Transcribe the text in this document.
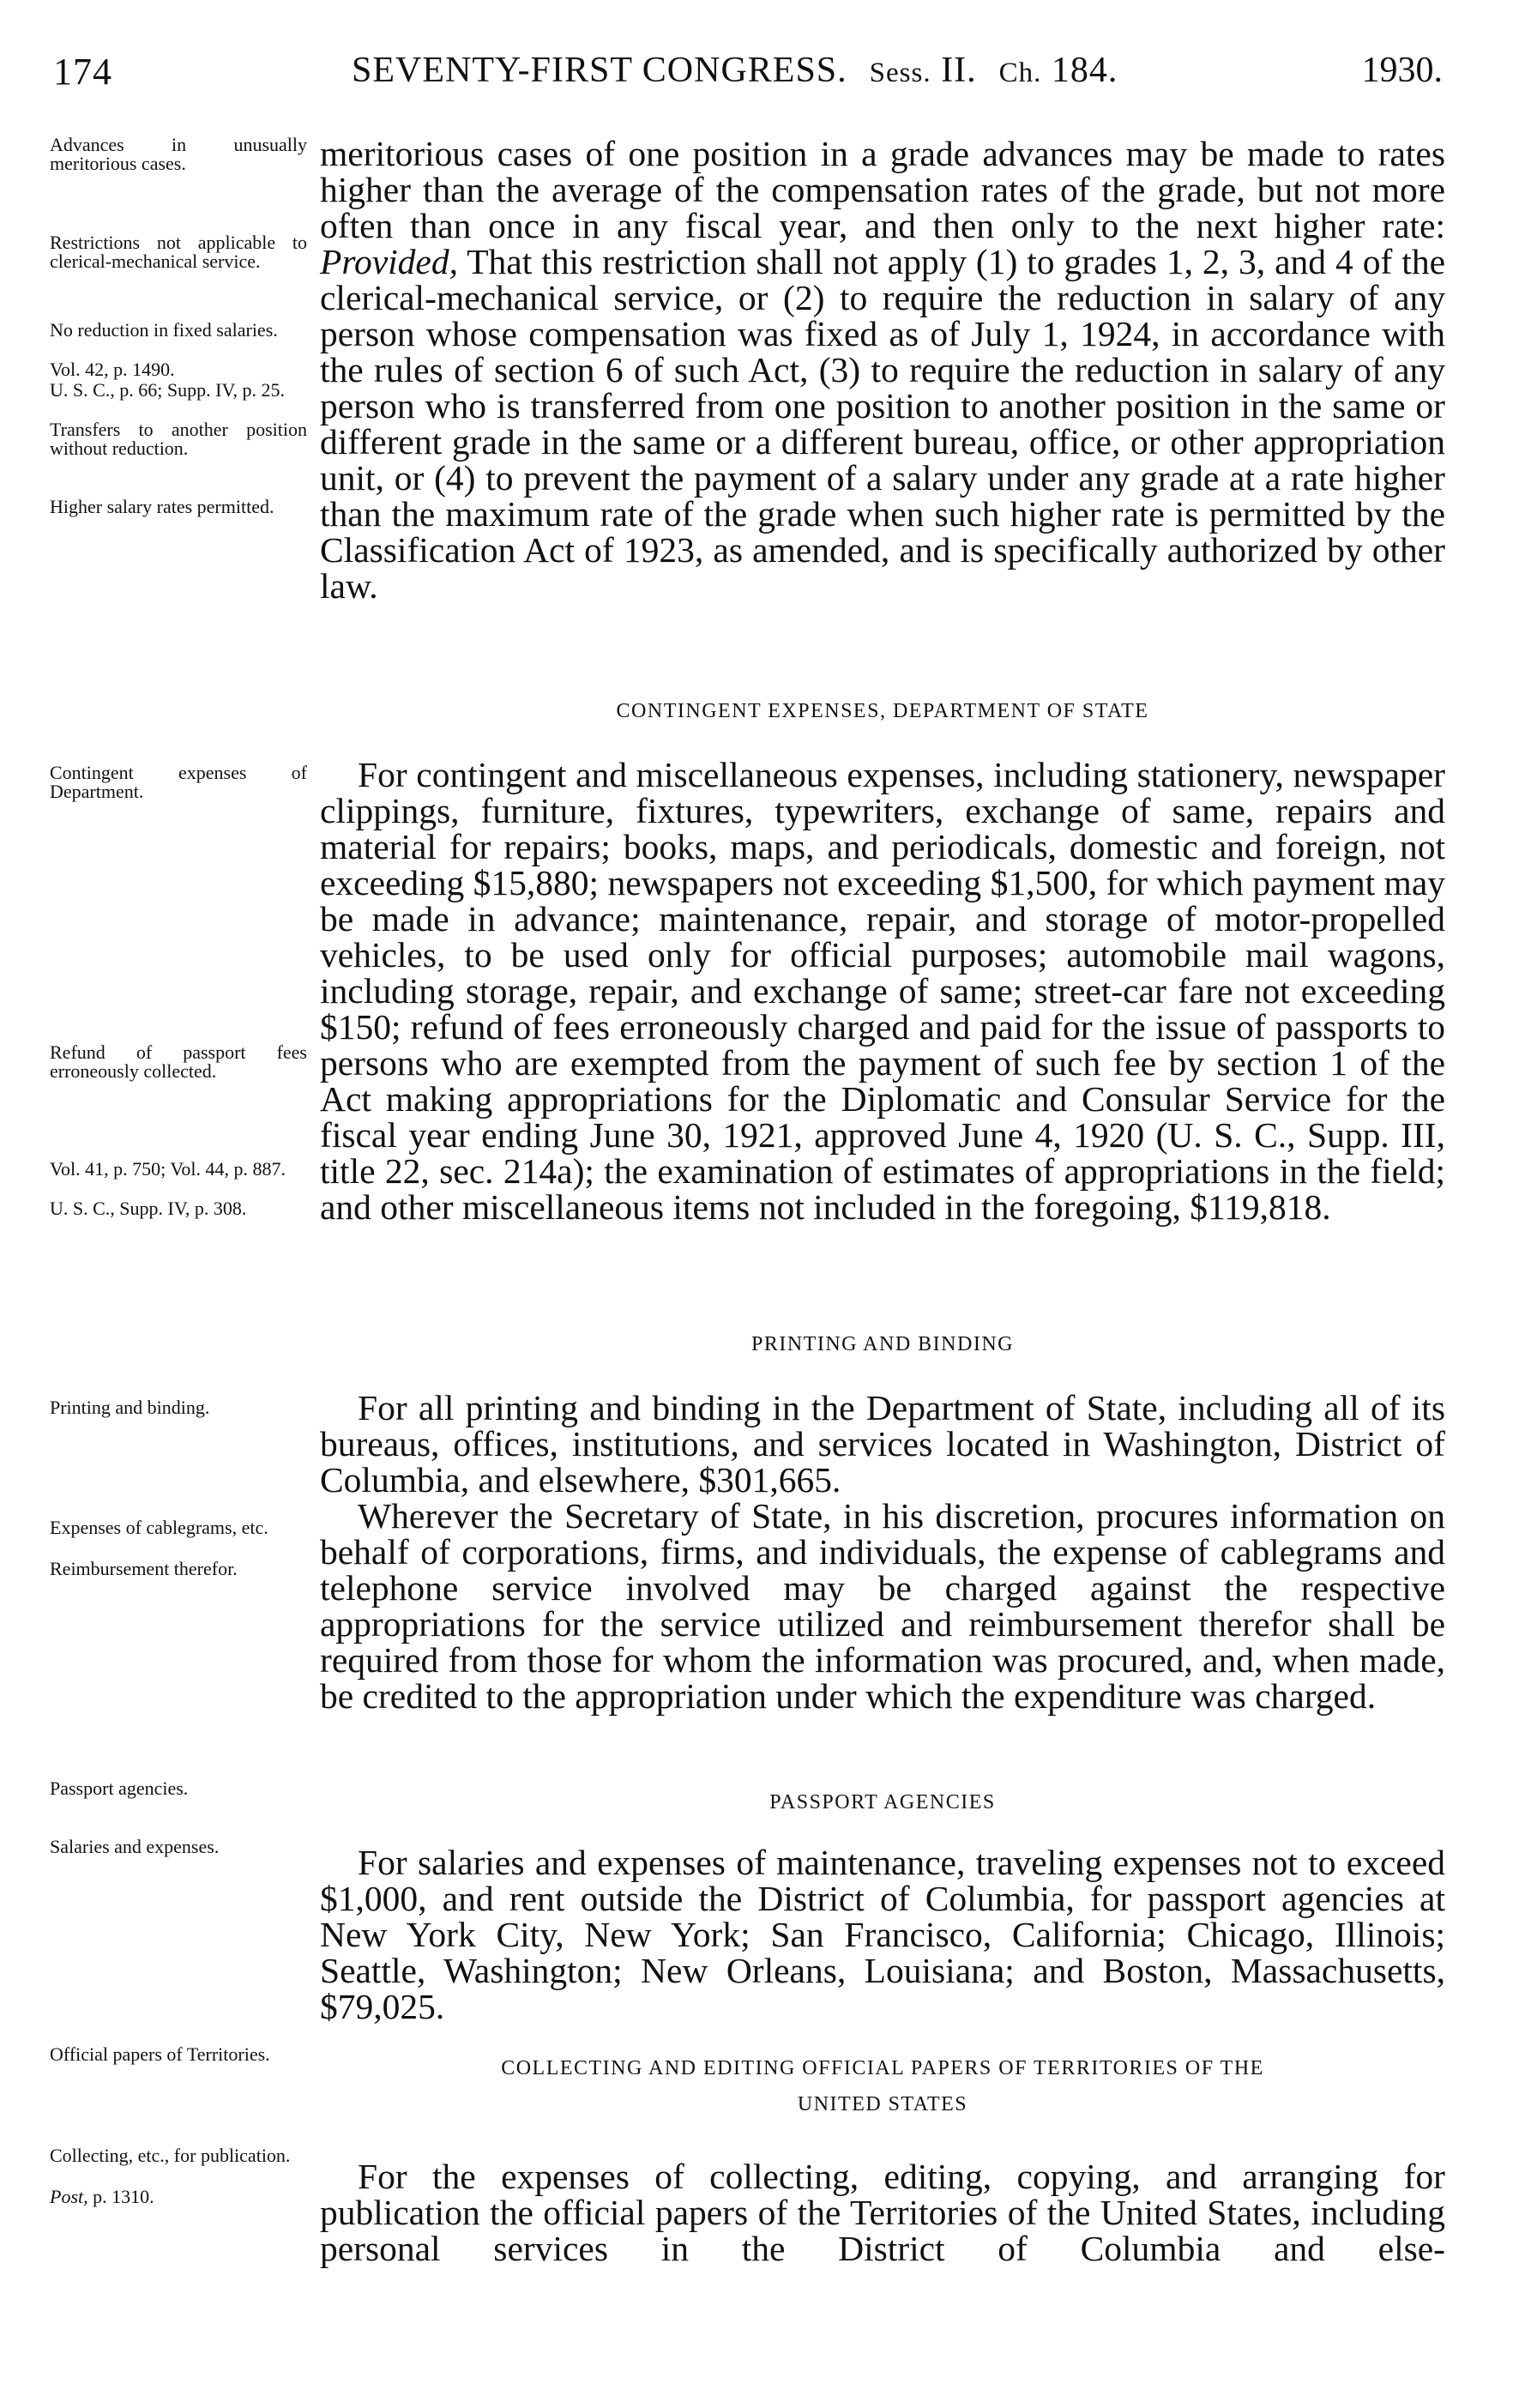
174	SEVENTY-FIRST CONGRESS. Sess. II. Ch. 184.	1930.
Advances in unusually meritorious cases.
Restrictions not applicable to clerical-mechanical service.
No reduction in fixed salaries.
Vol. 42, p. 1490.
U. S. C., p. 66; Supp. IV, p. 25.
Transfers to another position without reduction.
Higher salary rates permitted.
Contingent expenses of Department.
Refund of passport fees erroneously collected.
Vol. 41, p. 750; Vol. 44, p. 887.
U. S. C., Supp. IV, p. 308.
Printing and binding.
Expenses of cablegrams, etc.
Reimbursement therefor.
Passport agencies.
Salaries and expenses.
Official papers of Territories.
Collecting, etc., for publication.
Post, p. 1310.

meritorious cases of one position in a grade advances may be made to rates higher than the average of the compensation rates of the grade, but not more often than once in any fiscal year, and then only to the next higher rate: Provided, That this restriction shall not apply (1) to grades 1, 2, 3, and 4 of the clerical-mechanical service, or (2) to require the reduction in salary of any person whose compensation was fixed as of July 1, 1924, in accordance with the rules of section 6 of such Act, (3) to require the reduction in salary of any person who is transferred from one position to another position in the same or different grade in the same or a different bureau, office, or other appropriation unit, or (4) to prevent the payment of a salary under any grade at a rate higher than the maximum rate of the grade when such higher rate is permitted by the Classification Act of 1923, as amended, and is specifically authorized by other law.

CONTINGENT EXPENSES, DEPARTMENT OF STATE

For contingent and miscellaneous expenses, including stationery, newspaper clippings, furniture, fixtures, typewriters, exchange of same, repairs and material for repairs; books, maps, and periodicals, domestic and foreign, not exceeding $15,880; newspapers not exceeding $1,500, for which payment may be made in advance; maintenance, repair, and storage of motor-propelled vehicles, to be used only for official purposes; automobile mail wagons, including storage, repair, and exchange of same; street-car fare not exceeding $150; refund of fees erroneously charged and paid for the issue of passports to persons who are exempted from the payment of such fee by section 1 of the Act making appropriations for the Diplomatic and Consular Service for the fiscal year ending June 30, 1921, approved June 4, 1920 (U. S. C., Supp. III, title 22, sec. 214a); the examination of estimates of appropriations in the field; and other miscellaneous items not included in the foregoing, $119,818.

PRINTING AND BINDING

For all printing and binding in the Department of State, including all of its bureaus, offices, institutions, and services located in Washington, District of Columbia, and elsewhere, $301,665.

Wherever the Secretary of State, in his discretion, procures information on behalf of corporations, firms, and individuals, the expense of cablegrams and telephone service involved may be charged against the respective appropriations for the service utilized and reimbursement therefor shall be required from those for whom the information was procured, and, when made, be credited to the appropriation under which the expenditure was charged.

PASSPORT AGENCIES

For salaries and expenses of maintenance, traveling expenses not to exceed $1,000, and rent outside the District of Columbia, for passport agencies at New York City, New York; San Francisco, California; Chicago, Illinois; Seattle, Washington; New Orleans, Louisiana; and Boston, Massachusetts, $79,025.

COLLECTING AND EDITING OFFICIAL PAPERS OF TERRITORIES OF THE
UNITED STATES

For the expenses of collecting, editing, copying, and arranging for publication the official papers of the Territories of the United States, including personal services in the District of Columbia and else-
